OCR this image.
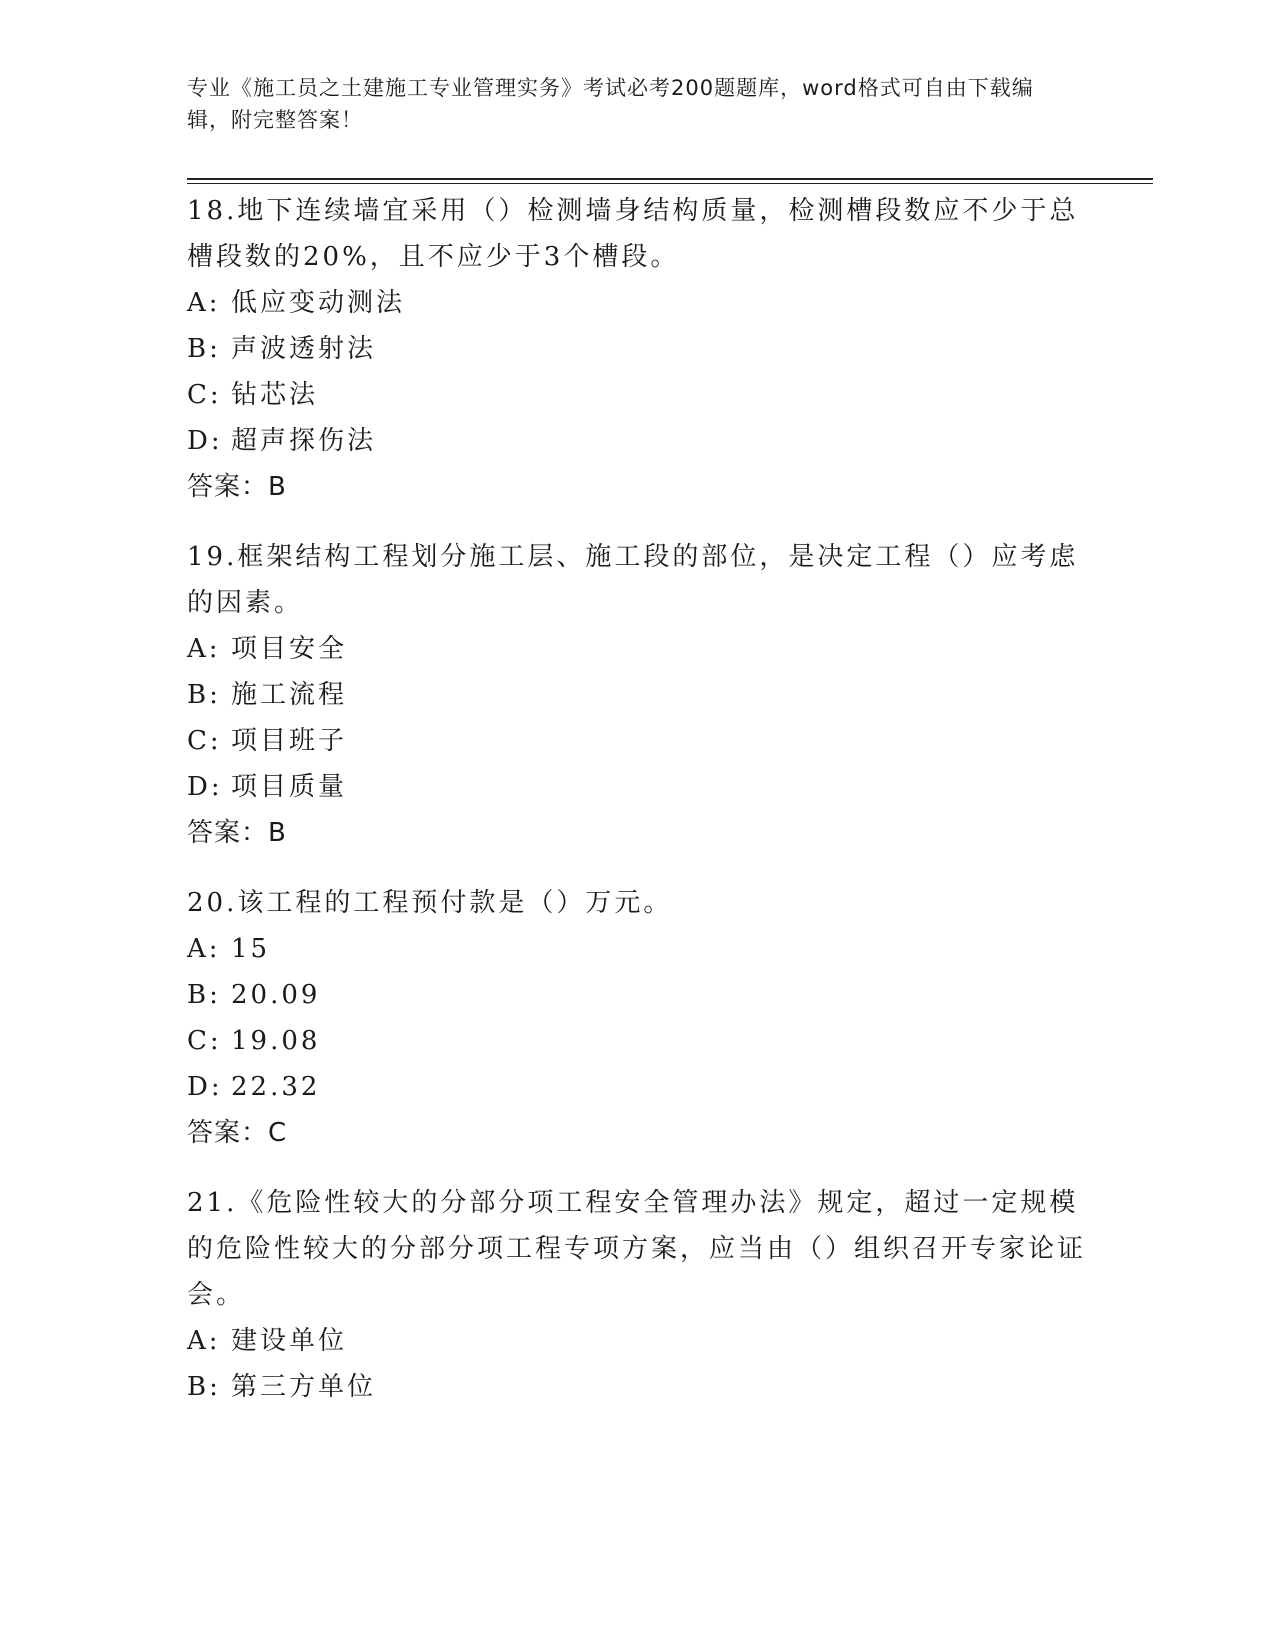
专业《施工员之土建施工专业管理实务》考试必考200题题库，word格式可自由下载编辑，附完整答案！

18.地下连续墙宜采用（）检测墙身结构质量，检测槽段数应不少于总槽段数的20%，且不应少于3个槽段。

A: 低应变动测法

B: 声波透射法

C: 钻芯法

D: 超声探伤法

答案：B

19.框架结构工程划分施工层、施工段的部位，是决定工程（）应考虑的因素。

A: 项目安全

B: 施工流程

C: 项目班子

D: 项目质量

答案：B

20.该工程的工程预付款是（）万元。

A: 15

B: 20.09

C: 19.08

D: 22.32

答案：C

21.《危险性较大的分部分项工程安全管理办法》规定，超过一定规模的危险性较大的分部分项工程专项方案，应当由（）组织召开专家论证会。

A: 建设单位

B: 第三方单位
